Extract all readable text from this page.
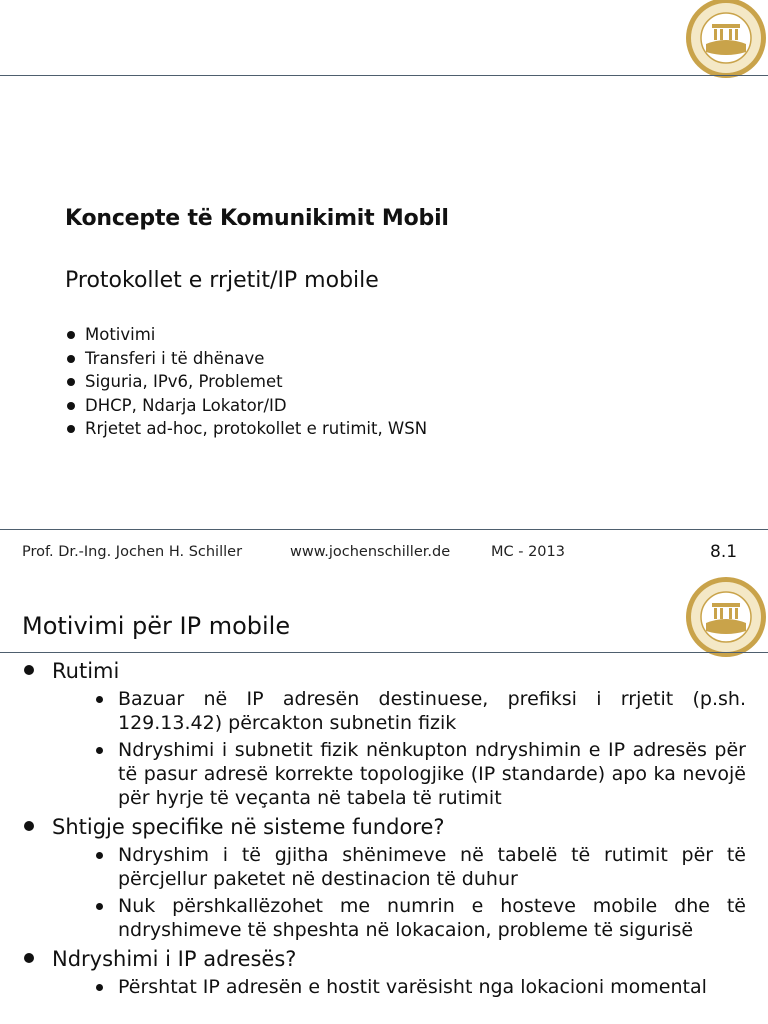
Koncepte të Komunikimit Mobil
Protokollet e rrjetit/IP mobile
Motivimi
Transferi i të dhënave
Siguria, IPv6, Problemet
DHCP, Ndarja Lokator/ID
Rrjetet ad-hoc, protokollet e rutimit, WSN
Prof. Dr.-Ing. Jochen H. Schiller	www.jochenschiller.de	MC - 2013	8.1
Motivimi për IP mobile
Rutimi
Bazuar në IP adresën destinuese, prefiksi i rrjetit (p.sh. 129.13.42) përcakton subnetin fizik
Ndryshimi i subnetit fizik nënkupton ndryshimin e IP adresës për të pasur adresë korrekte topologjike (IP standarde) apo ka nevojë për hyrje të veçanta në tabela të rutimit
Shtigje specifike në sisteme fundore?
Ndryshim i të gjitha shënimeve në tabelë të rutimit për të përcjellur paketet në destinacion të duhur
Nuk përshkallëzohet me numrin e hosteve mobile dhe të ndryshimeve të shpeshta në lokacaion, probleme të sigurisë
Ndryshimi i IP adresës?
Përshtat IP adresën e hostit varësisht nga lokacioni momental
